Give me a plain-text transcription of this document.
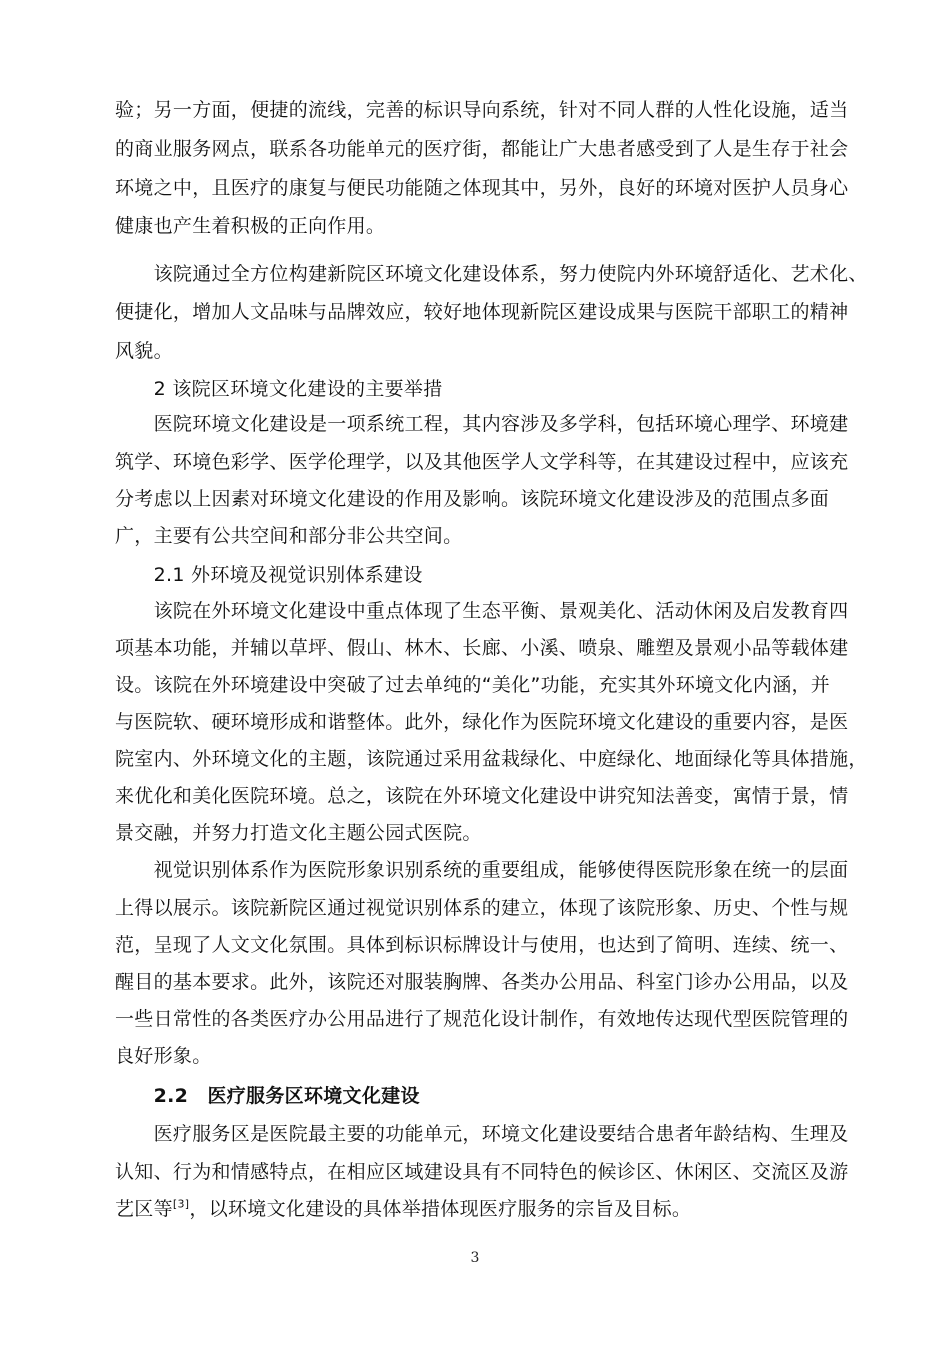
验；另一方面，便捷的流线，完善的标识导向系统，针对不同人群的人性化设施，适当
的商业服务网点，联系各功能单元的医疗街，都能让广大患者感受到了人是生存于社会
环境之中，且医疗的康复与便民功能随之体现其中，另外，良好的环境对医护人员身心
健康也产生着积极的正向作用。
　　该院通过全方位构建新院区环境文化建设体系，努力使院内外环境舒适化、艺术化、
便捷化，增加人文品味与品牌效应，较好地体现新院区建设成果与医院干部职工的精神
风貌。
　　2 该院区环境文化建设的主要举措
　　医院环境文化建设是一项系统工程，其内容涉及多学科，包括环境心理学、环境建
筑学、环境色彩学、医学伦理学，以及其他医学人文学科等，在其建设过程中，应该充
分考虑以上因素对环境文化建设的作用及影响。该院环境文化建设涉及的范围点多面
广，主要有公共空间和部分非公共空间。
　　2.1 外环境及视觉识别体系建设
　　该院在外环境文化建设中重点体现了生态平衡、景观美化、活动休闲及启发教育四
项基本功能，并辅以草坪、假山、林木、长廊、小溪、喷泉、雕塑及景观小品等载体建
设。该院在外环境建设中突破了过去单纯的“美化”功能，充实其外环境文化内涵，并
与医院软、硬环境形成和谐整体。此外，绿化作为医院环境文化建设的重要内容，是医
院室内、外环境文化的主题，该院通过采用盆栽绿化、中庭绿化、地面绿化等具体措施，
来优化和美化医院环境。总之，该院在外环境文化建设中讲究知法善变，寓情于景，情
景交融，并努力打造文化主题公园式医院。
　　视觉识别体系作为医院形象识别系统的重要组成，能够使得医院形象在统一的层面
上得以展示。该院新院区通过视觉识别体系的建立，体现了该院形象、历史、个性与规
范，呈现了人文文化氛围。具体到标识标牌设计与使用，也达到了简明、连续、统一、
醒目的基本要求。此外，该院还对服装胸牌、各类办公用品、科室门诊办公用品，以及
一些日常性的各类医疗办公用品进行了规范化设计制作，有效地传达现代型医院管理的
良好形象。
　　2.2　医疗服务区环境文化建设
　　医疗服务区是医院最主要的功能单元，环境文化建设要结合患者年龄结构、生理及
认知、行为和情感特点，在相应区域建设具有不同特色的候诊区、休闲区、交流区及游
艺区等[3]，以环境文化建设的具体举措体现医疗服务的宗旨及目标。
3
